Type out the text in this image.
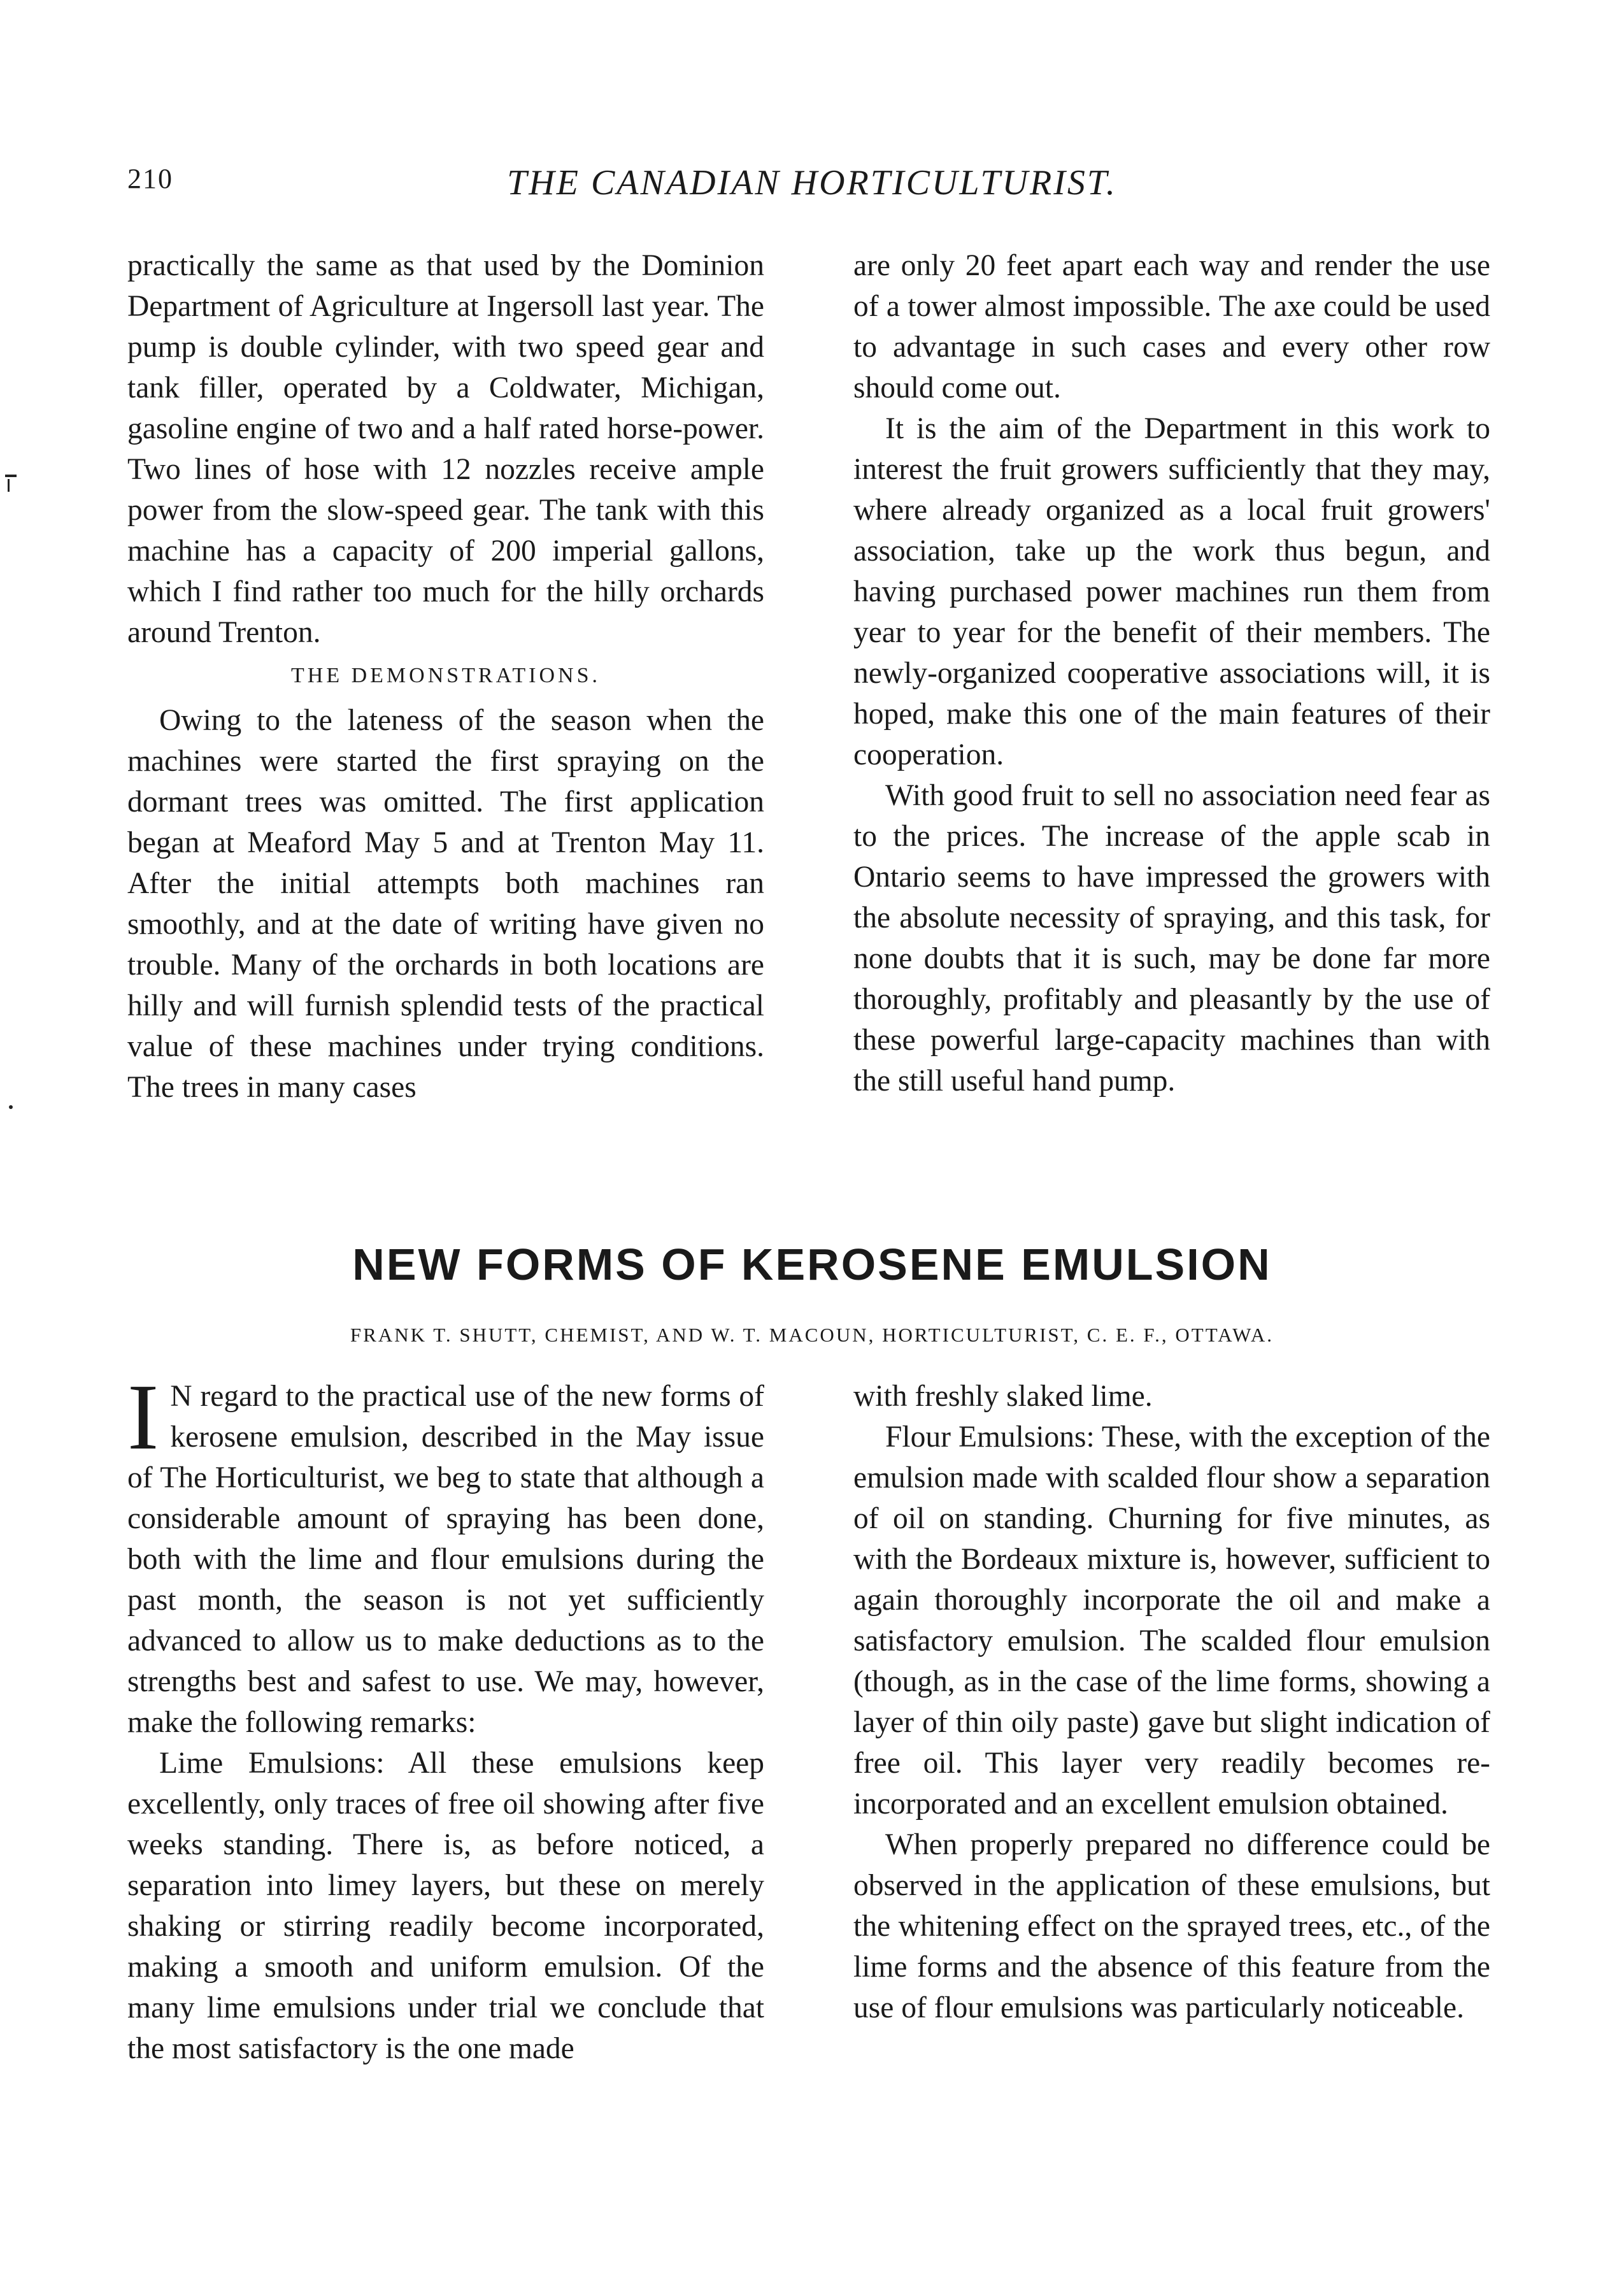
210	THE CANADIAN HORTICULTURIST.

practically the same as that used by the Dominion Department of Agriculture at Ingersoll last year. The pump is double cylinder, with two speed gear and tank filler, operated by a Coldwater, Michigan, gasoline engine of two and a half rated horse-power. Two lines of hose with 12 nozzles receive ample power from the slow-speed gear. The tank with this machine has a capacity of 200 imperial gallons, which I find rather too much for the hilly orchards around Trenton.

THE DEMONSTRATIONS.

Owing to the lateness of the season when the machines were started the first spraying on the dormant trees was omitted. The first application began at Meaford May 5 and at Trenton May 11. After the initial attempts both machines ran smoothly, and at the date of writing have given no trouble. Many of the orchards in both locations are hilly and will furnish splendid tests of the practical value of these machines under trying conditions. The trees in many cases

are only 20 feet apart each way and render the use of a tower almost impossible. The axe could be used to advantage in such cases and every other row should come out.

It is the aim of the Department in this work to interest the fruit growers sufficiently that they may, where already organized as a local fruit growers' association, take up the work thus begun, and having purchased power machines run them from year to year for the benefit of their members. The newly-organized cooperative associations will, it is hoped, make this one of the main features of their cooperation.

With good fruit to sell no association need fear as to the prices. The increase of the apple scab in Ontario seems to have impressed the growers with the absolute necessity of spraying, and this task, for none doubts that it is such, may be done far more thoroughly, profitably and pleasantly by the use of these powerful large-capacity machines than with the still useful hand pump.

NEW FORMS OF KEROSENE EMULSION
FRANK T. SHUTT, CHEMIST, AND W. T. MACOUN, HORTICULTURIST, C. E. F., OTTAWA.
I N regard to the practical use of the new forms of kerosene emulsion, described in the May issue of The Horticulturist, we beg to state that although a considerable amount of spraying has been done, both with the lime and flour emulsions during the past month, the season is not yet sufficiently advanced to allow us to make deductions as to the strengths best and safest to use. We may, however, make the following remarks:

Lime Emulsions: All these emulsions keep excellently, only traces of free oil showing after five weeks standing. There is, as before noticed, a separation into limey layers, but these on merely shaking or stirring readily become incorporated, making a smooth and uniform emulsion. Of the many lime emulsions under trial we conclude that the most satisfactory is the one made

with freshly slaked lime.

Flour Emulsions: These, with the exception of the emulsion made with scalded flour show a separation of oil on standing. Churning for five minutes, as with the Bordeaux mixture is, however, sufficient to again thoroughly incorporate the oil and make a satisfactory emulsion. The scalded flour emulsion (though, as in the case of the lime forms, showing a layer of thin oily paste) gave but slight indication of free oil. This layer very readily becomes re-incorporated and an excellent emulsion obtained.

When properly prepared no difference could be observed in the application of these emulsions, but the whitening effect on the sprayed trees, etc., of the lime forms and the absence of this feature from the use of flour emulsions was particularly noticeable.
